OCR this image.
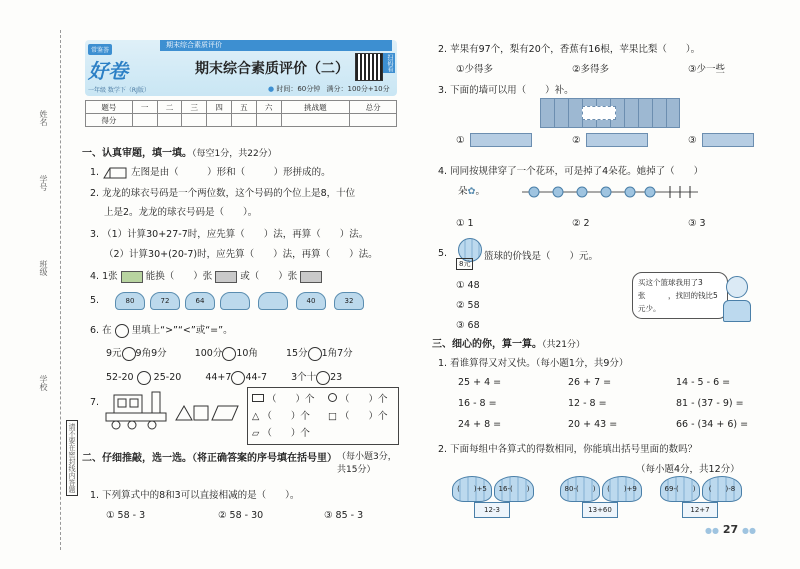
姓名
学号
班级
学校
请不要在密封线内答题
常鉴荟
好卷
一年级 数学下（RJ版）
期末综合素质评价
期末综合素质评价（二）
● 时间：60分钟 满分：100分+10分
扫码看
题号	一	二	三	四	五	六	挑战题	总分
得分								
一、认真审题，填一填。（每空1分，共22分）
1.	左图是由（　　　）形和（　　　）形拼成的。
2. 龙龙的球衣号码是一个两位数，这个号码的个位上是8，十位
上是2。龙龙的球衣号码是（　　）。
3. （1）计算30+27-7时，应先算（　　）法，再算（　　）法。
（2）计算30+(20-7)时，应先算（　　）法，再算（　　）法。
4. 1张	能换（　　）张	或（　　）张
5.	80	72	64	40	32
6. 在 里填上“>”“<”或“=”。
9元 9角9分	100分 10角	15分 1角7分
52-20 25-20	44+7 44-7	3个十 23
7.	（　　）个	（　　）个
△ （　　）个 □ （　　）个
▱ （　　）个
二、仔细推敲，选一选。（将正确答案的序号填在括号里）（每小题3分，共15分）
1. 下列算式中的8和3可以直接相减的是（　　）。
① 58 - 3	② 58 - 30	③ 85 - 3
2. 苹果有97个，梨有20个，香蕉有16根，苹果比梨（　　）。
①少得多	②多得多	③少一些
3. 下面的墙可以用（　　）补。
①	②	③
4. 同同按规律穿了一个花环，可是掉了4朵花。她掉了（　　）
朵✿。
① 1	② 2	③ 3
5.
8元
篮球的价钱是（　　）元。
① 48
② 58
③ 68
买这个篮球我用了3张　　　，找回的钱比5元少。
三、细心的你，算一算。（共21分）
1. 看谁算得又对又快。（每小题1分，共9分）
25 + 4 =	26 + 7 =	14 - 5 - 6 =
16 - 8 =	12 - 8 =	81 - (37 - 9) =
24 + 8 =	20 + 43 =	66 - (34 + 6) =
2. 下面每组中各算式的得数相同，你能填出括号里面的数吗？
（每小题4分，共12分）
(　　)+5	16-(　　)
12-3
80-(　　)	(　　)+9
13+60
69-(　　)	(　　)-8
12+7
●● 27 ●●
